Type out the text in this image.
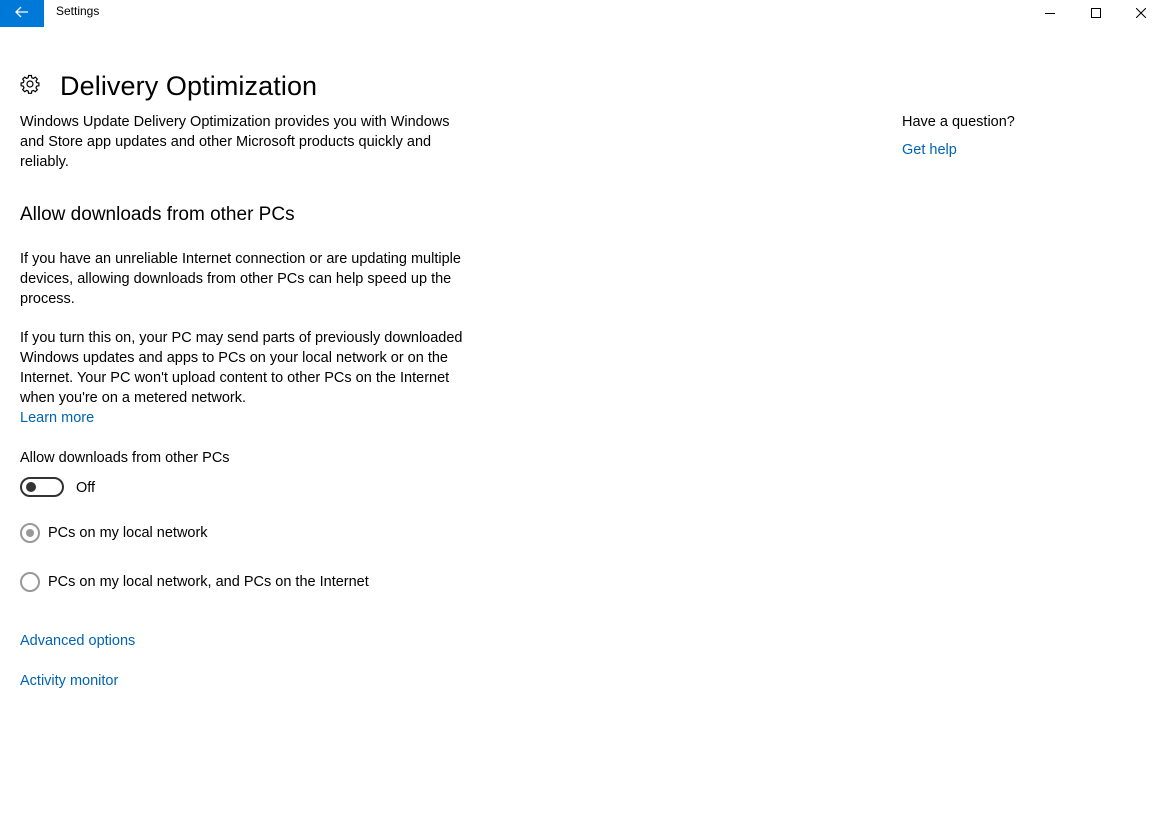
Settings
Delivery Optimization

Windows Update Delivery Optimization provides you with Windows and Store app updates and other Microsoft products quickly and reliably.

Allow downloads from other PCs

If you have an unreliable Internet connection or are updating multiple devices, allowing downloads from other PCs can help speed up the process.

If you turn this on, your PC may send parts of previously downloaded Windows updates and apps to PCs on your local network or on the Internet. Your PC won't upload content to other PCs on the Internet when you're on a metered network.

Learn more
Allow downloads from other PCs
Off
PCs on my local network
PCs on my local network, and PCs on the Internet
Advanced options
Activity monitor
Have a question?
Get help
